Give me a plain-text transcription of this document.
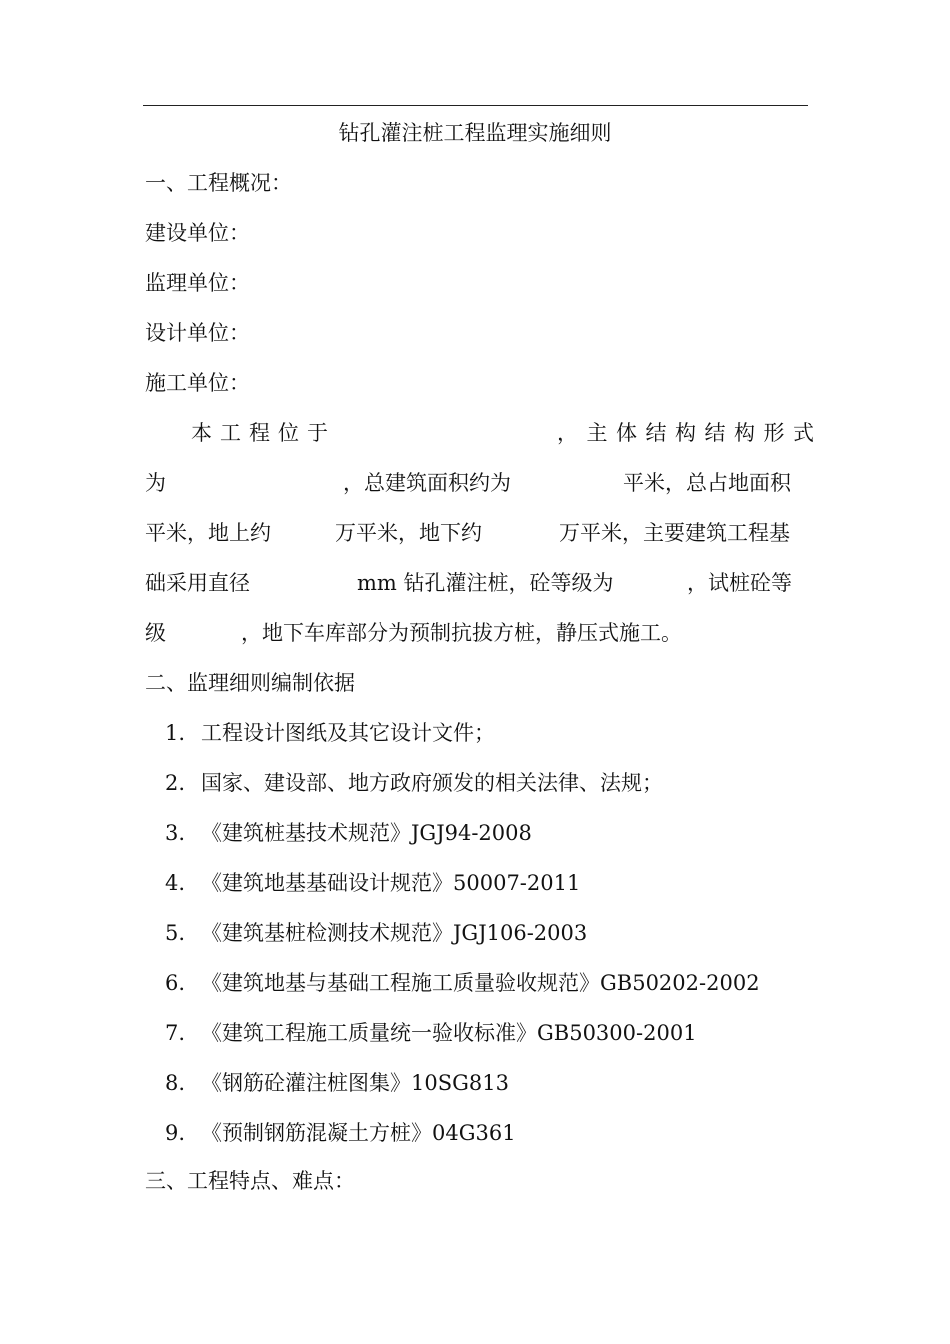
钻孔灌注桩工程监理实施细则
一、工程概况：
建设单位：
监理单位：
设计单位：
施工单位：
本工程位于	，主体结构结构形式
为	，总建筑面积约为	平米，总占地面积
平米，地上约	万平米，地下约	万平米，主要建筑工程基
础采用直径	mm 钻孔灌注桩，砼等级为	，试桩砼等
级	，地下车库部分为预制抗拔方桩，静压式施工。
二、监理细则编制依据
1. 工程设计图纸及其它设计文件；
2. 国家、建设部、地方政府颁发的相关法律、法规；
3. 《建筑桩基技术规范》JGJ94-2008
4. 《建筑地基基础设计规范》50007-2011
5. 《建筑基桩检测技术规范》JGJ106-2003
6. 《建筑地基与基础工程施工质量验收规范》GB50202-2002
7. 《建筑工程施工质量统一验收标准》GB50300-2001
8. 《钢筋砼灌注桩图集》10SG813
9. 《预制钢筋混凝土方桩》04G361
三、工程特点、难点：
